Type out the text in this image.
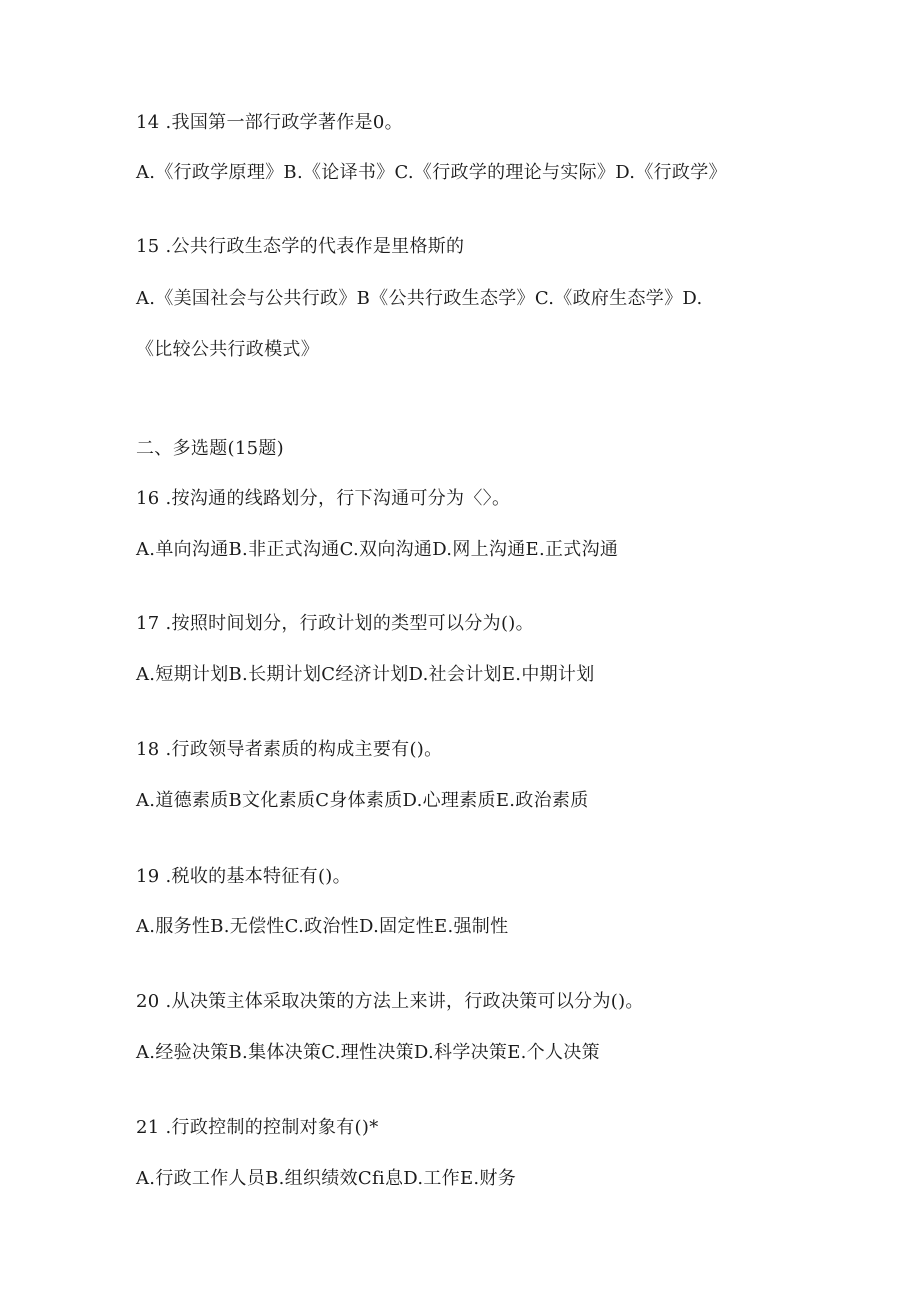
14 .我国第一部行政学著作是0。
A.《行政学原理》B.《论译书》C.《行政学的理论与实际》D.《行政学》
15 .公共行政生态学的代表作是里格斯的
A.《美国社会与公共行政》B《公共行政生态学》C.《政府生态学》D.
《比较公共行政模式》
二、多选题(15题)
16 .按沟通的线路划分，行下沟通可分为〈〉。
A.单向沟通B.非正式沟通C.双向沟通D.网上沟通E.正式沟通
17 .按照时间划分，行政计划的类型可以分为()。
A.短期计划B.长期计划C经济计划D.社会计划E.中期计划
18 .行政领导者素质的构成主要有()。
A.道德素质B文化素质C身体素质D.心理素质E.政治素质
19 .税收的基本特征有()。
A.服务性B.无偿性C.政治性D.固定性E.强制性
20 .从决策主体采取决策的方法上来讲，行政决策可以分为()。
A.经验决策B.集体决策C.理性决策D.科学决策E.个人决策
21 .行政控制的控制对象有()*
A.行政工作人员B.组织绩效Cfi息D.工作E.财务
